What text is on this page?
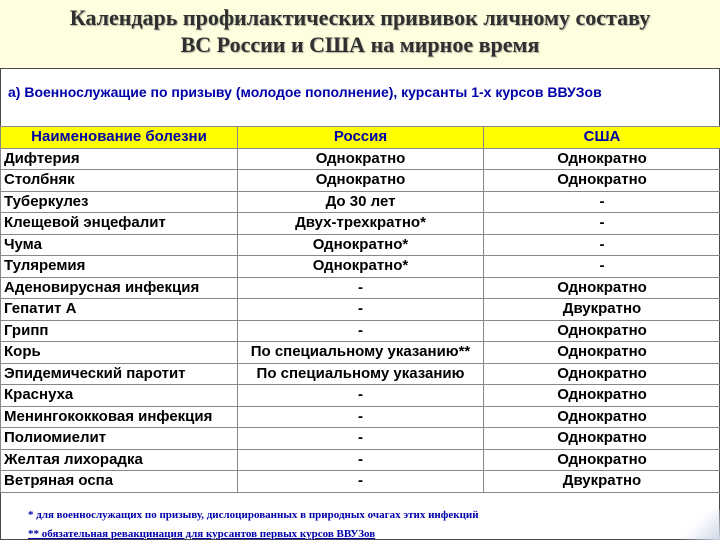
Календарь профилактических прививок личному составу
ВС России и США на мирное время

а) Военнослужащие по призыву (молодое пополнение), курсанты 1-х курсов ВВУЗов

Наименование болезни	Россия	США
Дифтерия	Однократно	Однократно
Столбняк	Однократно	Однократно
Туберкулез	До 30 лет	-
Клещевой энцефалит	Двух-трехкратно*	-
Чума	Однократно*	-
Туляремия	Однократно*	-
Аденовирусная инфекция	-	Однократно
Гепатит А	-	Двукратно
Грипп	-	Однократно
Корь	По специальному указанию**	Однократно
Эпидемический паротит	По специальному указанию	Однократно
Краснуха	-	Однократно
Менингококковая инфекция	-	Однократно
Полиомиелит	-	Однократно
Желтая лихорадка	-	Однократно
Ветряная оспа	-	Двукратно
* для военнослужащих по призыву, дислоцированных в природных очагах этих инфекций
** обязательная ревакцинация для курсантов первых курсов ВВУЗов
